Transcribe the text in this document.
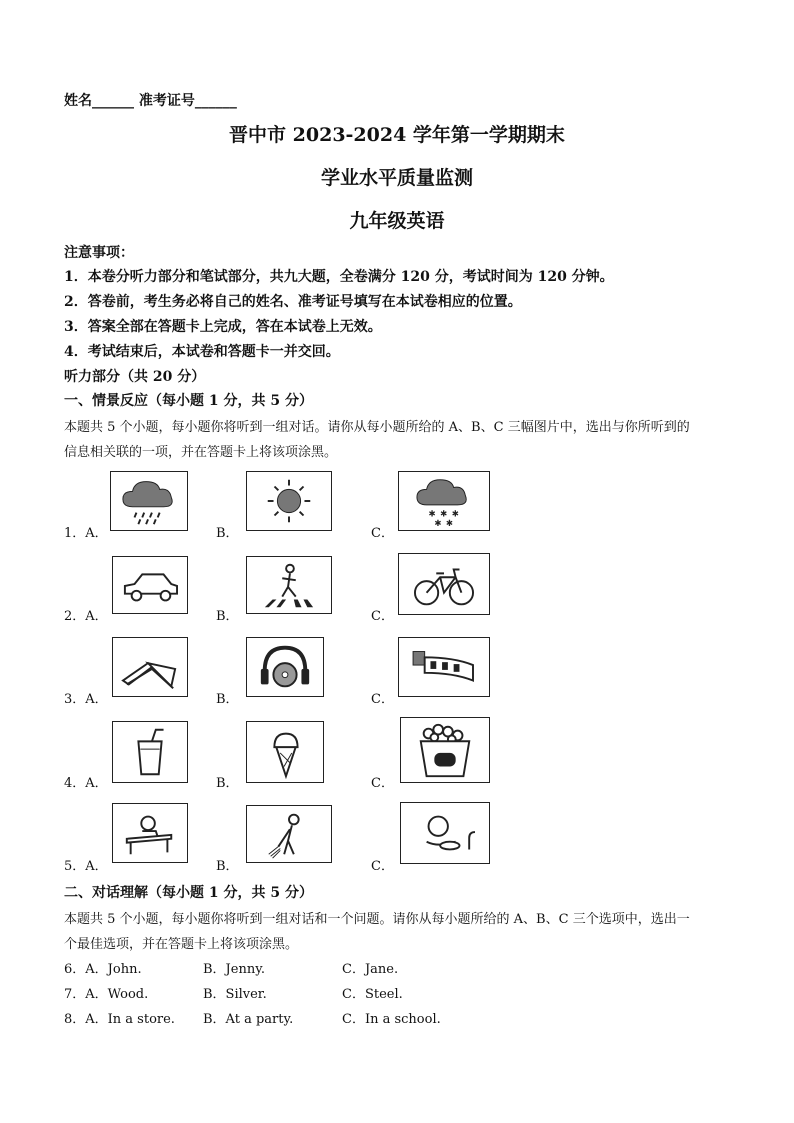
姓名______ 准考证号______
晋中市 2023-2024 学年第一学期期末
学业水平质量监测
九年级英语
注意事项：
1．本卷分听力部分和笔试部分，共九大题，全卷满分 120 分，考试时间为 120 分钟。
2．答卷前，考生务必将自己的姓名、准考证号填写在本试卷相应的位置。
3．答案全部在答题卡上完成，答在本试卷上无效。
4．考试结束后，本试卷和答题卡一并交回。
听力部分（共 20 分）
一、情景反应（每小题 1 分，共 5 分）
本题共 5 个小题，每小题你将听到一组对话。请你从每小题所给的 A、B、C 三幅图片中，选出与你所听到的
信息相关联的一项，并在答题卡上将该项涂黑。
1．A．	B．	C．
✱ ✱ ✱
✱ ✱
2．A．	B．	C．
3．A．	B．	C．
4．A．	B．	C．
5．A．	B．	C．
二、对话理解（每小题 1 分，共 5 分）
本题共 5 个小题，每小题你将听到一组对话和一个问题。请你从每小题所给的 A、B、C 三个选项中，选出一
个最佳选项，并在答题卡上将该项涂黑。
6．A．John.	B．Jenny.	C．Jane.
7．A．Wood.	B．Silver.	C．Steel.
8．A．In a store. B．At a party.	C．In a school.
